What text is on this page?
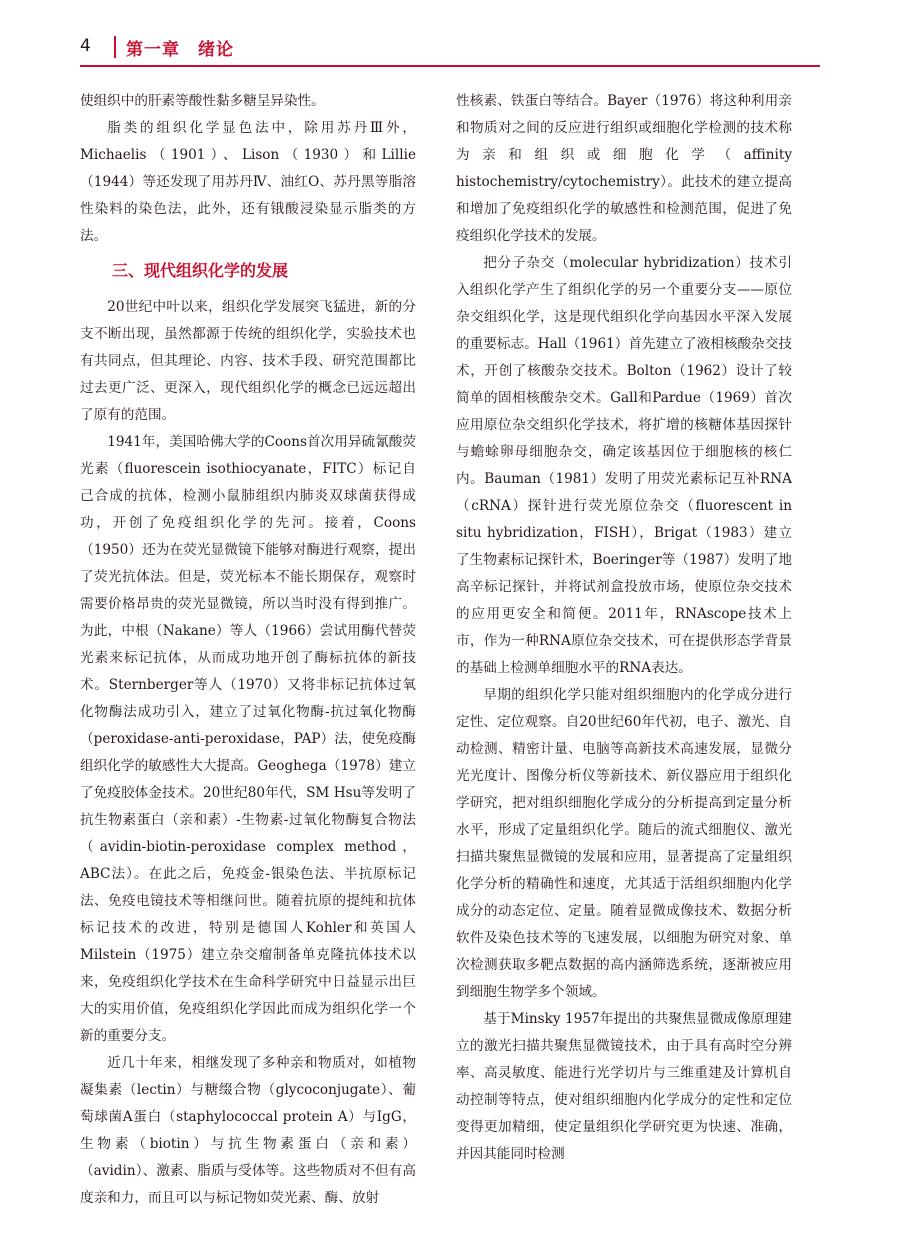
4 第一章　绪论

使组织中的肝素等酸性黏多糖呈异染性。

脂类的组织化学显色法中，除用苏丹Ⅲ外，Michaelis（1901）、Lison（1930）和Lillie（1944）等还发现了用苏丹Ⅳ、油红O、苏丹黑等脂溶性染料的染色法，此外，还有锇酸浸染显示脂类的方法。

三、现代组织化学的发展

20世纪中叶以来，组织化学发展突飞猛进，新的分支不断出现，虽然都源于传统的组织化学，实验技术也有共同点，但其理论、内容、技术手段、研究范围都比过去更广泛、更深入，现代组织化学的概念已远远超出了原有的范围。

1941年，美国哈佛大学的Coons首次用异硫氰酸荧光素（fluorescein isothiocyanate，FITC）标记自己合成的抗体，检测小鼠肺组织内肺炎双球菌获得成功，开创了免疫组织化学的先河。接着，Coons（1950）还为在荧光显微镜下能够对酶进行观察，提出了荧光抗体法。但是，荧光标本不能长期保存，观察时需要价格昂贵的荧光显微镜，所以当时没有得到推广。为此，中根（Nakane）等人（1966）尝试用酶代替荧光素来标记抗体，从而成功地开创了酶标抗体的新技术。Sternberger等人（1970）又将非标记抗体过氧化物酶法成功引入，建立了过氧化物酶-抗过氧化物酶（peroxidase-anti-peroxidase，PAP）法，使免疫酶组织化学的敏感性大大提高。Geoghega（1978）建立了免疫胶体金技术。20世纪80年代，SM Hsu等发明了抗生物素蛋白（亲和素）-生物素-过氧化物酶复合物法（avidin-biotin-peroxidase complex method，ABC法）。在此之后，免疫金-银染色法、半抗原标记法、免疫电镜技术等相继问世。随着抗原的提纯和抗体标记技术的改进，特别是德国人Kohler和英国人Milstein（1975）建立杂交瘤制备单克隆抗体技术以来，免疫组织化学技术在生命科学研究中日益显示出巨大的实用价值，免疫组织化学因此而成为组织化学一个新的重要分支。

近几十年来，相继发现了多种亲和物质对，如植物凝集素（lectin）与糖缀合物（glycoconjugate）、葡萄球菌A蛋白（staphylococcal protein A）与IgG，生物素（biotin）与抗生物素蛋白（亲和素）（avidin）、激素、脂质与受体等。这些物质对不但有高度亲和力，而且可以与标记物如荧光素、酶、放射

性核素、铁蛋白等结合。Bayer（1976）将这种利用亲和物质对之间的反应进行组织或细胞化学检测的技术称为亲和组织或细胞化学（affinity histochemistry/cytochemistry）。此技术的建立提高和增加了免疫组织化学的敏感性和检测范围，促进了免疫组织化学技术的发展。

把分子杂交（molecular hybridization）技术引入组织化学产生了组织化学的另一个重要分支——原位杂交组织化学，这是现代组织化学向基因水平深入发展的重要标志。Hall（1961）首先建立了液相核酸杂交技术，开创了核酸杂交技术。Bolton（1962）设计了较简单的固相核酸杂交术。Gall和Pardue（1969）首次应用原位杂交组织化学技术，将扩增的核糖体基因探针与蟾蜍卵母细胞杂交，确定该基因位于细胞核的核仁内。Bauman（1981）发明了用荧光素标记互补RNA（cRNA）探针进行荧光原位杂交（fluorescent in situ hybridization，FISH），Brigat（1983）建立了生物素标记探针术，Boeringer等（1987）发明了地高辛标记探针，并将试剂盒投放市场，使原位杂交技术的应用更安全和简便。2011年，RNAscope技术上市，作为一种RNA原位杂交技术，可在提供形态学背景的基础上检测单细胞水平的RNA表达。

早期的组织化学只能对组织细胞内的化学成分进行定性、定位观察。自20世纪60年代初，电子、激光、自动检测、精密计量、电脑等高新技术高速发展，显微分光光度计、图像分析仪等新技术、新仪器应用于组织化学研究，把对组织细胞化学成分的分析提高到定量分析水平，形成了定量组织化学。随后的流式细胞仪、激光扫描共聚焦显微镜的发展和应用，显著提高了定量组织化学分析的精确性和速度，尤其适于活组织细胞内化学成分的动态定位、定量。随着显微成像技术、数据分析软件及染色技术等的飞速发展，以细胞为研究对象、单次检测获取多靶点数据的高内涵筛选系统，逐渐被应用到细胞生物学多个领域。

基于Minsky 1957年提出的共聚焦显微成像原理建立的激光扫描共聚焦显微镜技术，由于具有高时空分辨率、高灵敏度、能进行光学切片与三维重建及计算机自动控制等特点，使对组织细胞内化学成分的定性和定位变得更加精细，使定量组织化学研究更为快速、准确，并因其能同时检测
